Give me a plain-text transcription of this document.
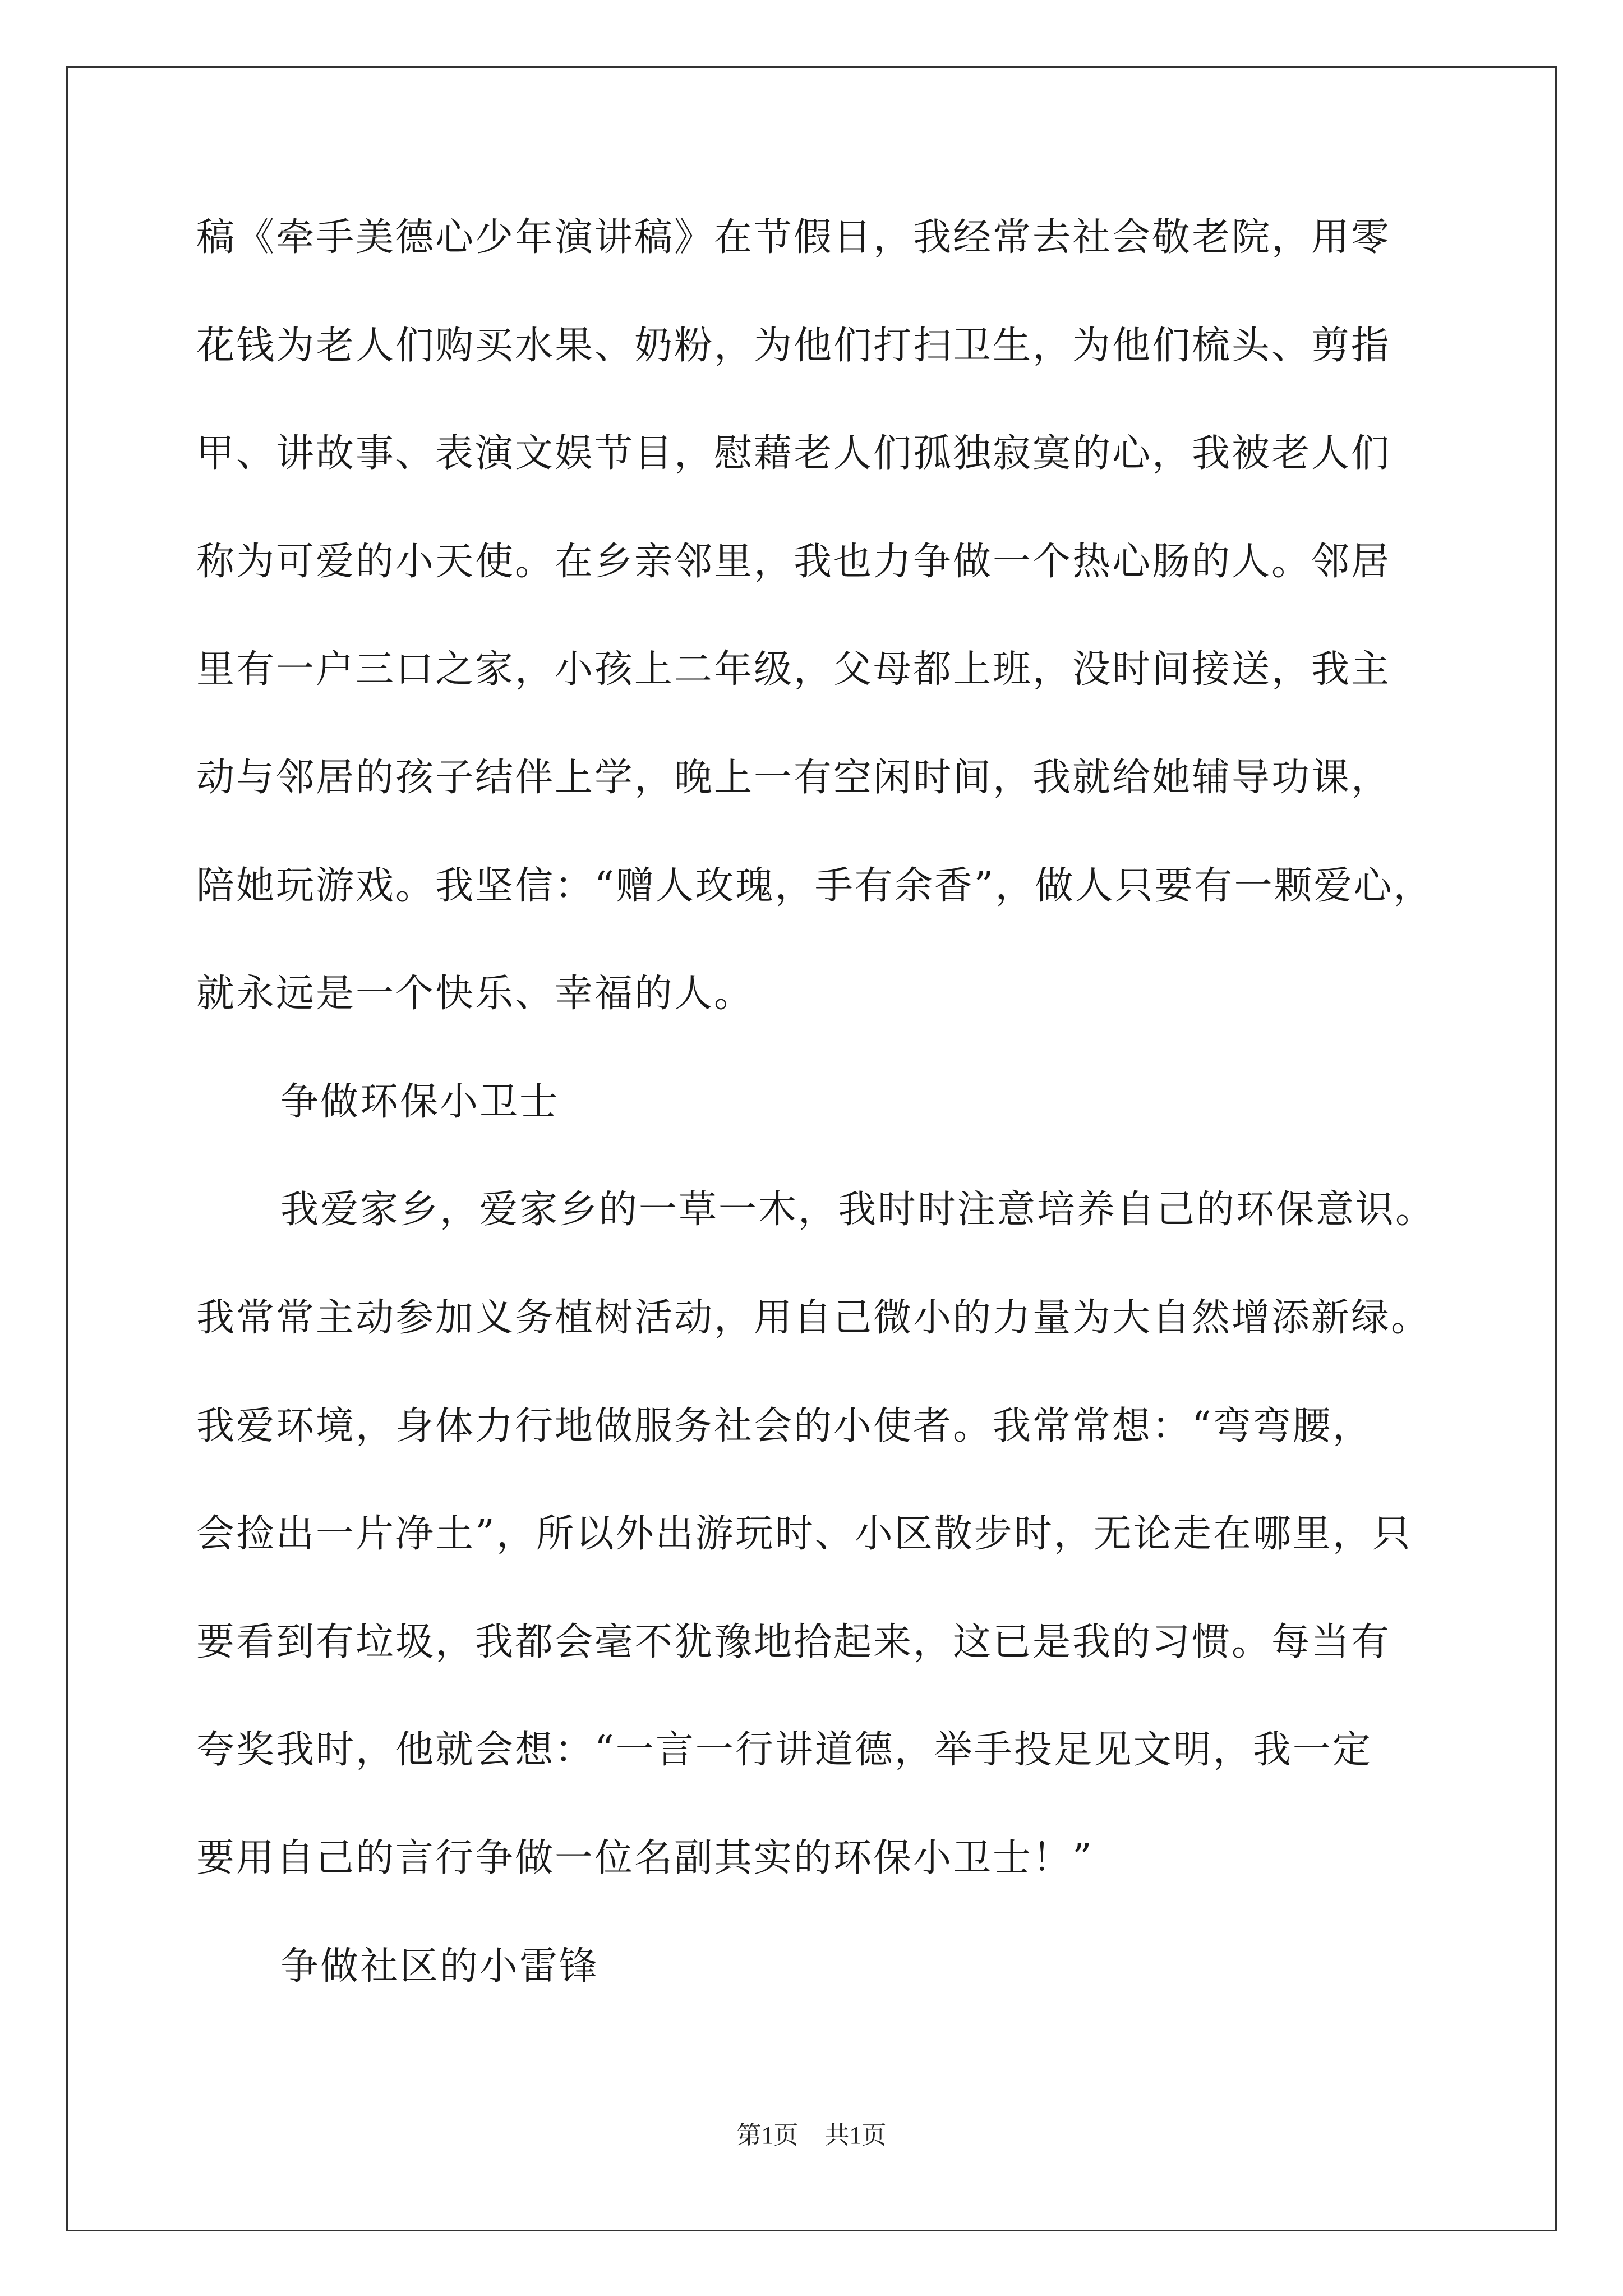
稿《牵手美德心少年演讲稿》在节假日，我经常去社会敬老院，用零

花钱为老人们购买水果、奶粉，为他们打扫卫生，为他们梳头、剪指

甲、讲故事、表演文娱节目，慰藉老人们孤独寂寞的心，我被老人们

称为可爱的小天使。在乡亲邻里，我也力争做一个热心肠的人。邻居

里有一户三口之家，小孩上二年级，父母都上班，没时间接送，我主

动与邻居的孩子结伴上学，晚上一有空闲时间，我就给她辅导功课，

陪她玩游戏。我坚信：“赠人玫瑰，手有余香”，做人只要有一颗爱心，

就永远是一个快乐、幸福的人。

争做环保小卫士

我爱家乡，爱家乡的一草一木，我时时注意培养自己的环保意识。

我常常主动参加义务植树活动，用自己微小的力量为大自然增添新绿。

我爱环境，身体力行地做服务社会的小使者。我常常想：“弯弯腰，

会捡出一片净土”，所以外出游玩时、小区散步时，无论走在哪里，只

要看到有垃圾，我都会毫不犹豫地拾起来，这已是我的习惯。每当有

夸奖我时，他就会想：“一言一行讲道德，举手投足见文明，我一定

要用自己的言行争做一位名副其实的环保小卫士！”

争做社区的小雷锋

第1页 共1页
